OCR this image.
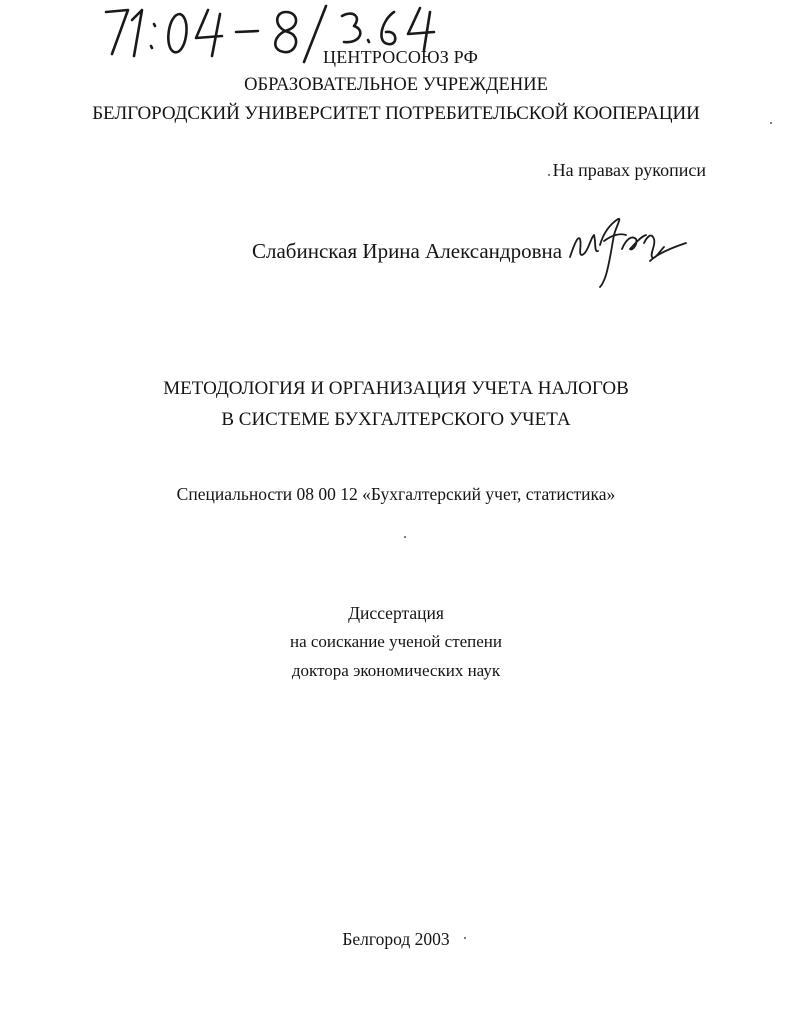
ЦЕНТРОСОЮЗ РФ
ОБРАЗОВАТЕЛЬНОЕ УЧРЕЖДЕНИЕ
БЕЛГОРОДСКИЙ УНИВЕРСИТЕТ ПОТРЕБИТЕЛЬСКОЙ КООПЕРАЦИИ
На правах рукописи
Слабинская Ирина Александровна
МЕТОДОЛОГИЯ И ОРГАНИЗАЦИЯ УЧЕТА НАЛОГОВ
В СИСТЕМЕ БУХГАЛТЕРСКОГО УЧЕТА
Специальности 08 00 12 «Бухгалтерский учет, статистика»
Диссертация
на соискание ученой степени
доктора экономических наук
Белгород 2003
